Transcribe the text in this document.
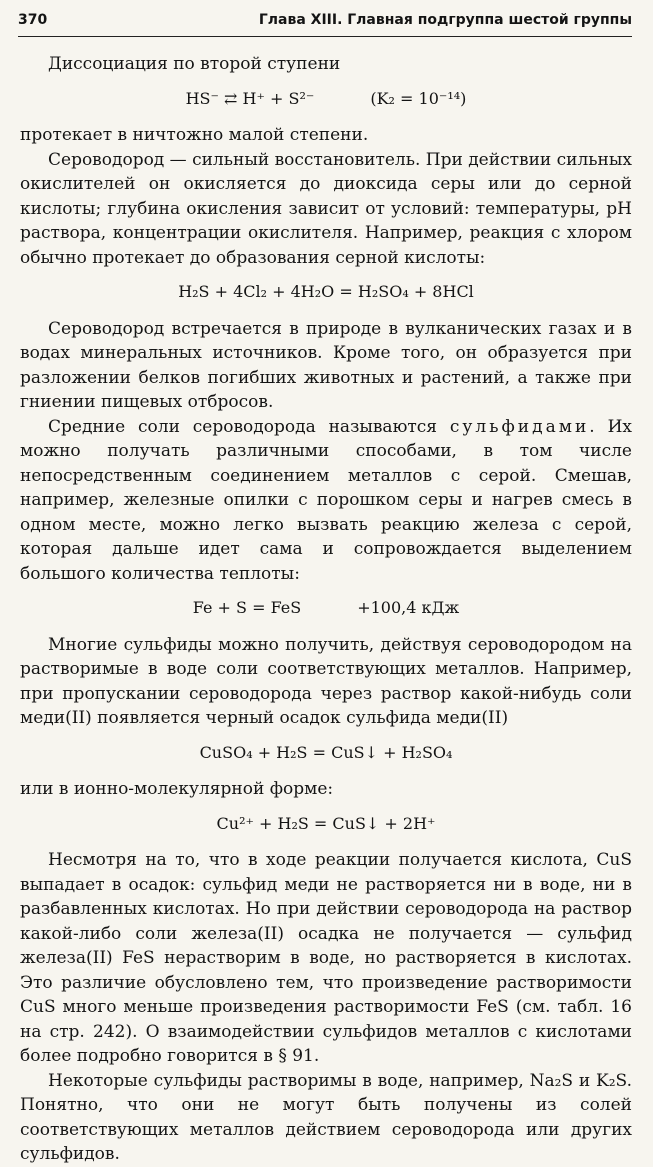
370	Глава XIII. Главная подгруппа шестой группы

Диссоциация по второй ступени

HS⁻ ⇄ H⁺ + S²⁻	(K₂ = 10⁻¹⁴)

протекает в ничтожно малой степени.

Сероводород — сильный восстановитель. При действии сильных окислителей он окисляется до диоксида серы или до серной кислоты; глубина окисления зависит от условий: температуры, pH раствора, концентрации окислителя. Например, реакция с хлором обычно протекает до образования серной кислоты:

H₂S + 4Cl₂ + 4H₂O = H₂SO₄ + 8HCl

Сероводород встречается в природе в вулканических газах и в водах минеральных источников. Кроме того, он образуется при разложении белков погибших животных и растений, а также при гниении пищевых отбросов.

Средние соли сероводорода называются сульфидами. Их можно получать различными способами, в том числе непосредственным соединением металлов с серой. Смешав, например, железные опилки с порошком серы и нагрев смесь в одном месте, можно легко вызвать реакцию железа с серой, которая дальше идет сама и сопровождается выделением большого количества теплоты:

Fe + S = FeS	+100,4 кДж

Многие сульфиды можно получить, действуя сероводородом на растворимые в воде соли соответствующих металлов. Например, при пропускании сероводорода через раствор какой-нибудь соли меди(II) появляется черный осадок сульфида меди(II)

CuSO₄ + H₂S = CuS↓ + H₂SO₄

или в ионно-молекулярной форме:

Cu²⁺ + H₂S = CuS↓ + 2H⁺

Несмотря на то, что в ходе реакции получается кислота, CuS выпадает в осадок: сульфид меди не растворяется ни в воде, ни в разбавленных кислотах. Но при действии сероводорода на раствор какой-либо соли железа(II) осадка не получается — сульфид железа(II) FeS нерастворим в воде, но растворяется в кислотах. Это различие обусловлено тем, что произведение растворимости CuS много меньше произведения растворимости FeS (см. табл. 16 на стр. 242). О взаимодействии сульфидов металлов с кислотами более подробно говорится в § 91.

Некоторые сульфиды растворимы в воде, например, Na₂S и K₂S. Понятно, что они не могут быть получены из солей соответствующих металлов действием сероводорода или других сульфидов.
